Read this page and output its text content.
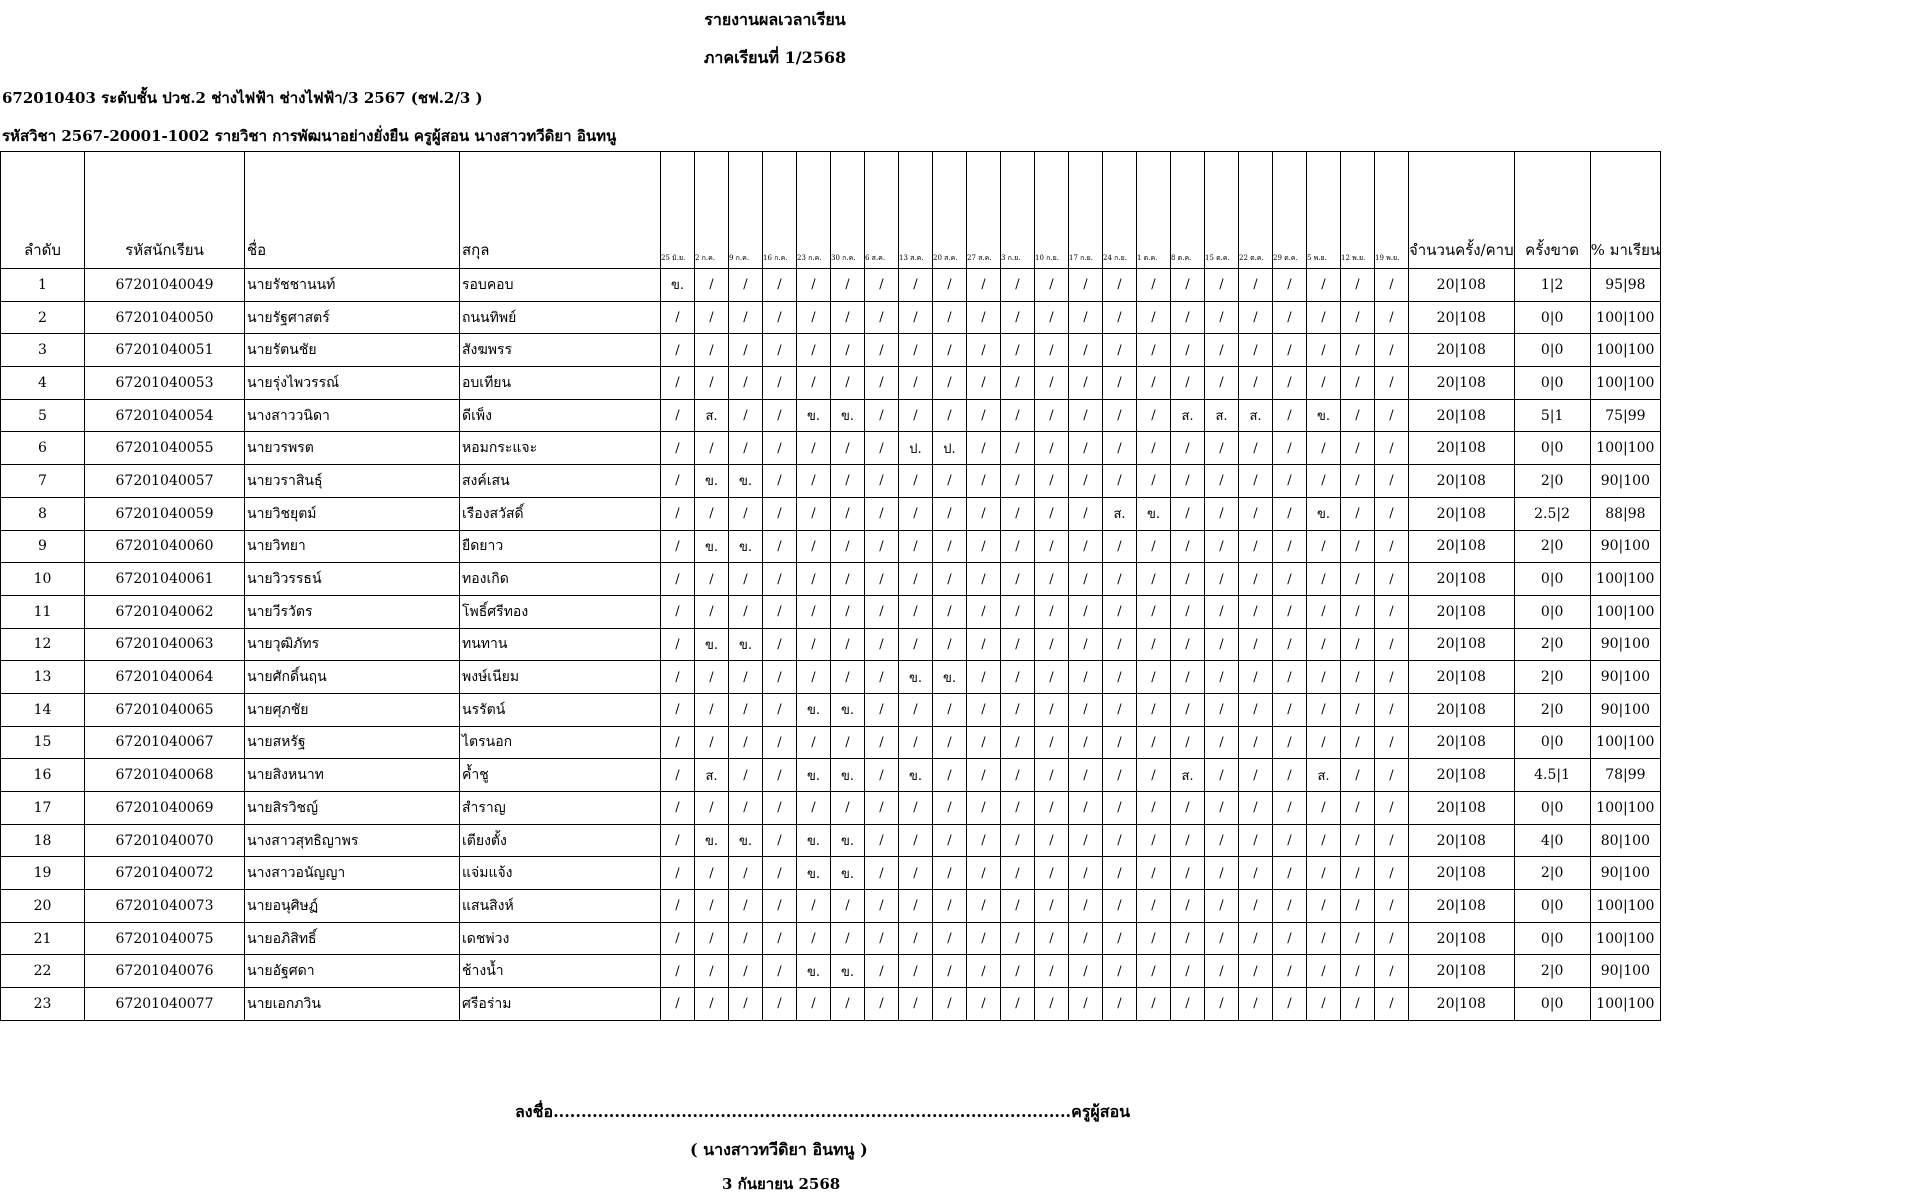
รายงานผลเวลาเรียน
ภาคเรียนที่ 1/2568
672010403 ระดับชั้น ปวช.2 ช่างไฟฟ้า ช่างไฟฟ้า/3 2567 (ชฟ.2/3 )
รหัสวิชา 2567-20001-1002 รายวิชา การพัฒนาอย่างยั่งยืน ครูผู้สอน นางสาวทวีดิยา อินทนู
ลำดับ	รหัสนักเรียน	ชื่อ	สกุล	25 มิ.ย.	2 ก.ค.	9 ก.ค.	16 ก.ค.	23 ก.ค.	30 ก.ค.	6 ส.ค.	13 ส.ค.	20 ส.ค.	27 ส.ค.	3 ก.ย.	10 ก.ย.	17 ก.ย.	24 ก.ย.	1 ต.ค.	8 ต.ค.	15 ต.ค.	22 ต.ค.	29 ต.ค.	5 พ.ย.	12 พ.ย.	19 พ.ย.	จำนวนครั้ง/คาบ	ครั้งขาด	% มาเรียน
1	67201040049	นายรัชชานนท์	รอบคอบ	ข.	/	/	/	/	/	/	/	/	/	/	/	/	/	/	/	/	/	/	/	/	/	20|108	1|2	95|98
2	67201040050	นายรัฐศาสตร์	ถนนทิพย์	/	/	/	/	/	/	/	/	/	/	/	/	/	/	/	/	/	/	/	/	/	/	20|108	0|0	100|100
3	67201040051	นายรัตนชัย	สังฆพรร	/	/	/	/	/	/	/	/	/	/	/	/	/	/	/	/	/	/	/	/	/	/	20|108	0|0	100|100
4	67201040053	นายรุ่งไพวรรณ์	อบเทียน	/	/	/	/	/	/	/	/	/	/	/	/	/	/	/	/	/	/	/	/	/	/	20|108	0|0	100|100
5	67201040054	นางสาววนิดา	ดีเพ็ง	/	ส.	/	/	ข.	ข.	/	/	/	/	/	/	/	/	/	ส.	ส.	ส.	/	ข.	/	/	20|108	5|1	75|99
6	67201040055	นายวรพรต	หอมกระแจะ	/	/	/	/	/	/	/	ป.	ป.	/	/	/	/	/	/	/	/	/	/	/	/	/	20|108	0|0	100|100
7	67201040057	นายวราสินธุ์	สงค์เสน	/	ข.	ข.	/	/	/	/	/	/	/	/	/	/	/	/	/	/	/	/	/	/	/	20|108	2|0	90|100
8	67201040059	นายวิชยุตม์	เรืองสวัสดิ์	/	/	/	/	/	/	/	/	/	/	/	/	/	ส.	ข.	/	/	/	/	ข.	/	/	20|108	2.5|2	88|98
9	67201040060	นายวิทยา	ยืดยาว	/	ข.	ข.	/	/	/	/	/	/	/	/	/	/	/	/	/	/	/	/	/	/	/	20|108	2|0	90|100
10	67201040061	นายวิวรรธน์	ทองเกิด	/	/	/	/	/	/	/	/	/	/	/	/	/	/	/	/	/	/	/	/	/	/	20|108	0|0	100|100
11	67201040062	นายวีรวัตร	โพธิ์ศรีทอง	/	/	/	/	/	/	/	/	/	/	/	/	/	/	/	/	/	/	/	/	/	/	20|108	0|0	100|100
12	67201040063	นายวุฒิภัทร	ทนทาน	/	ข.	ข.	/	/	/	/	/	/	/	/	/	/	/	/	/	/	/	/	/	/	/	20|108	2|0	90|100
13	67201040064	นายศักดิ์นฤน	พงษ์เนียม	/	/	/	/	/	/	/	ข.	ข.	/	/	/	/	/	/	/	/	/	/	/	/	/	20|108	2|0	90|100
14	67201040065	นายศุภชัย	นรรัตน์	/	/	/	/	ข.	ข.	/	/	/	/	/	/	/	/	/	/	/	/	/	/	/	/	20|108	2|0	90|100
15	67201040067	นายสหรัฐ	ไตรนอก	/	/	/	/	/	/	/	/	/	/	/	/	/	/	/	/	/	/	/	/	/	/	20|108	0|0	100|100
16	67201040068	นายสิงหนาท	ค้ำชู	/	ส.	/	/	ข.	ข.	/	ข.	/	/	/	/	/	/	/	ส.	/	/	/	ส.	/	/	20|108	4.5|1	78|99
17	67201040069	นายสิรวิชญ์	สำราญ	/	/	/	/	/	/	/	/	/	/	/	/	/	/	/	/	/	/	/	/	/	/	20|108	0|0	100|100
18	67201040070	นางสาวสุทธิญาพร	เตียงตั้ง	/	ข.	ข.	/	ข.	ข.	/	/	/	/	/	/	/	/	/	/	/	/	/	/	/	/	20|108	4|0	80|100
19	67201040072	นางสาวอนัญญา	แจ่มแจ้ง	/	/	/	/	ข.	ข.	/	/	/	/	/	/	/	/	/	/	/	/	/	/	/	/	20|108	2|0	90|100
20	67201040073	นายอนุศิษฏ์	แสนสิงห์	/	/	/	/	/	/	/	/	/	/	/	/	/	/	/	/	/	/	/	/	/	/	20|108	0|0	100|100
21	67201040075	นายอภิสิทธิ์	เดชพ่วง	/	/	/	/	/	/	/	/	/	/	/	/	/	/	/	/	/	/	/	/	/	/	20|108	0|0	100|100
22	67201040076	นายอัฐศดา	ช้างน้ำ	/	/	/	/	ข.	ข.	/	/	/	/	/	/	/	/	/	/	/	/	/	/	/	/	20|108	2|0	90|100
23	67201040077	นายเอกภวิน	ศรีอร่าม	/	/	/	/	/	/	/	/	/	/	/	/	/	/	/	/	/	/	/	/	/	/	20|108	0|0	100|100
ลงชื่อ.............................................................................................ครูผู้สอน
( นางสาวทวีดิยา อินทนู )
3 กันยายน 2568
